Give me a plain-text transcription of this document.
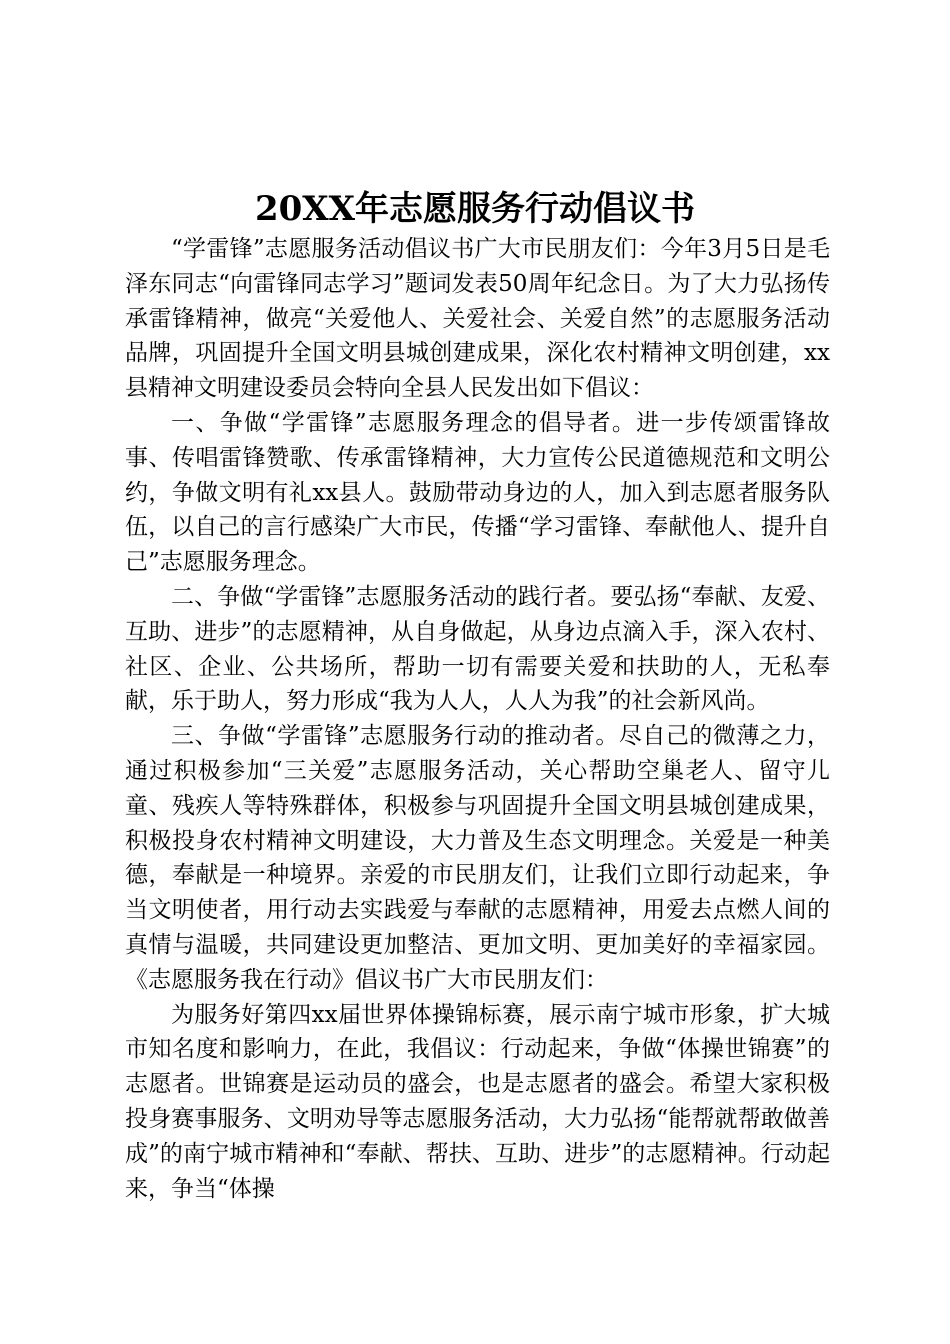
20XX年志愿服务行动倡议书

“学雷锋”志愿服务活动倡议书广大市民朋友们：今年3月5日是毛泽东同志“向雷锋同志学习”题词发表50周年纪念日。为了大力弘扬传承雷锋精神，做亮“关爱他人、关爱社会、关爱自然”的志愿服务活动品牌，巩固提升全国文明县城创建成果，深化农村精神文明创建，xx县精神文明建设委员会特向全县人民发出如下倡议：

一、争做“学雷锋”志愿服务理念的倡导者。进一步传颂雷锋故事、传唱雷锋赞歌、传承雷锋精神，大力宣传公民道德规范和文明公约，争做文明有礼xx县人。鼓励带动身边的人，加入到志愿者服务队伍，以自己的言行感染广大市民，传播“学习雷锋、奉献他人、提升自己”志愿服务理念。

二、争做“学雷锋”志愿服务活动的践行者。要弘扬“奉献、友爱、互助、进步”的志愿精神，从自身做起，从身边点滴入手，深入农村、社区、企业、公共场所，帮助一切有需要关爱和扶助的人，无私奉献，乐于助人，努力形成“我为人人，人人为我”的社会新风尚。

三、争做“学雷锋”志愿服务行动的推动者。尽自己的微薄之力，通过积极参加“三关爱”志愿服务活动，关心帮助空巢老人、留守儿童、残疾人等特殊群体，积极参与巩固提升全国文明县城创建成果，积极投身农村精神文明建设，大力普及生态文明理念。关爱是一种美德，奉献是一种境界。亲爱的市民朋友们，让我们立即行动起来，争当文明使者，用行动去实践爱与奉献的志愿精神，用爱去点燃人间的真情与温暖，共同建设更加整洁、更加文明、更加美好的幸福家园。《志愿服务我在行动》倡议书广大市民朋友们：

为服务好第四xx届世界体操锦标赛，展示南宁城市形象，扩大城市知名度和影响力，在此，我倡议：行动起来，争做“体操世锦赛”的志愿者。世锦赛是运动员的盛会，也是志愿者的盛会。希望大家积极投身赛事服务、文明劝导等志愿服务活动，大力弘扬“能帮就帮敢做善成”的南宁城市精神和“奉献、帮扶、互助、进步”的志愿精神。行动起来，争当“体操
